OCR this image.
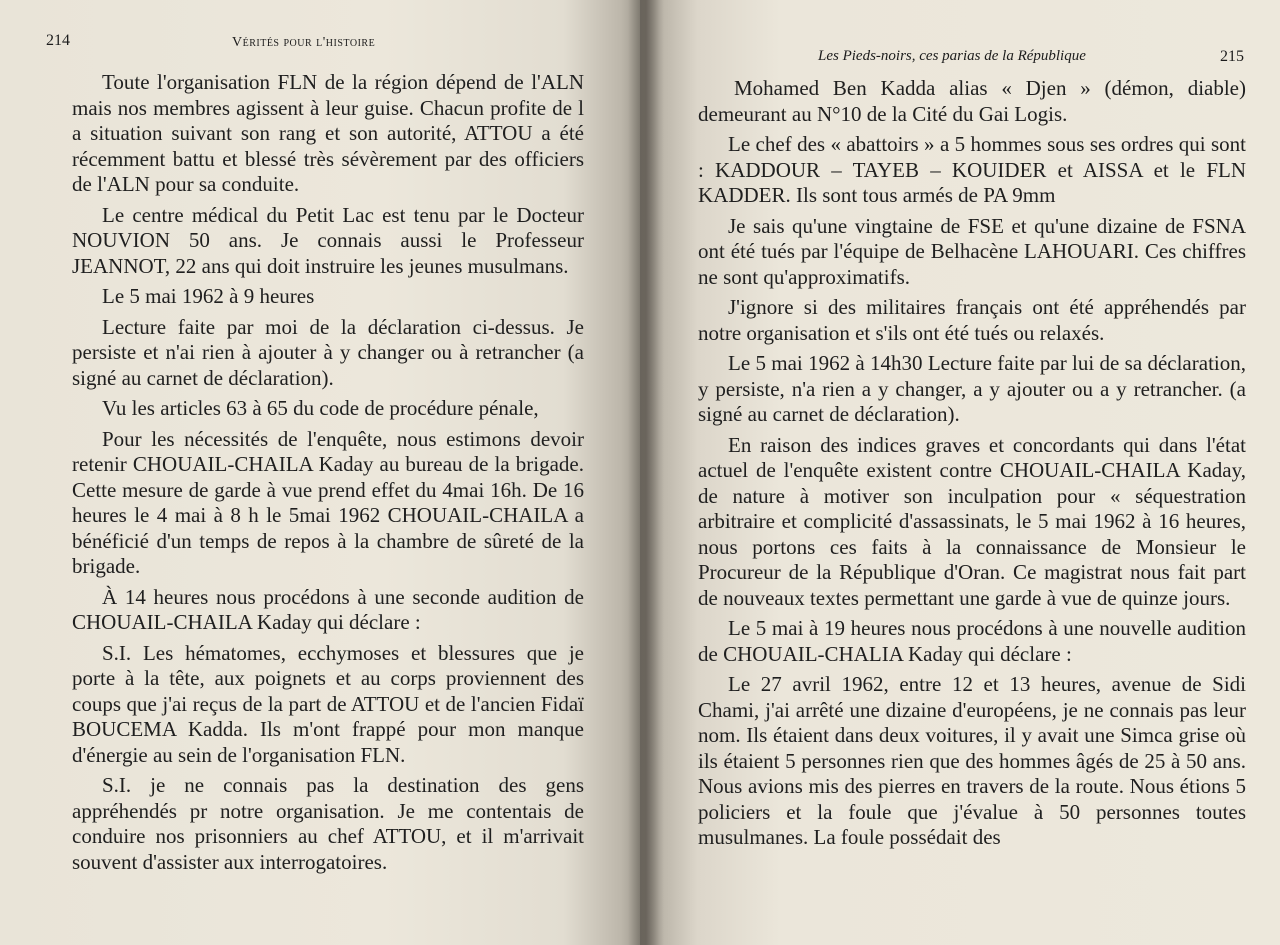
214	Vérités pour l'histoire

Toute l'organisation FLN de la région dépend de l'ALN mais nos membres agissent à leur guise. Chacun profite de l a situation suivant son rang et son autorité, ATTOU a été récemment battu et blessé très sévèrement par des officiers de l'ALN pour sa conduite.

Le centre médical du Petit Lac est tenu par le Docteur NOUVION 50 ans. Je connais aussi le Professeur JEANNOT, 22 ans qui doit instruire les jeunes musulmans.

Le 5 mai 1962 à 9 heures

Lecture faite par moi de la déclaration ci-dessus. Je persiste et n'ai rien à ajouter à y changer ou à retrancher (a signé au carnet de déclaration).

Vu les articles 63 à 65 du code de procédure pénale,

Pour les nécessités de l'enquête, nous estimons devoir retenir CHOUAIL-CHAILA Kaday au bureau de la brigade. Cette mesure de garde à vue prend effet du 4mai 16h. De 16 heures le 4 mai à 8 h le 5mai 1962 CHOUAIL-CHAILA a bénéficié d'un temps de repos à la chambre de sûreté de la brigade.

À 14 heures nous procédons à une seconde audition de CHOUAIL-CHAILA Kaday qui déclare :

S.I. Les hématomes, ecchymoses et blessures que je porte à la tête, aux poignets et au corps proviennent des coups que j'ai reçus de la part de ATTOU et de l'ancien Fidaï BOUCEMA Kadda. Ils m'ont frappé pour mon manque d'énergie au sein de l'organisation FLN.

S.I. je ne connais pas la destination des gens appréhendés pr notre organisation. Je me contentais de conduire nos prisonniers au chef ATTOU, et il m'arrivait souvent d'assister aux interrogatoires.

Les Pieds-noirs, ces parias de la République	215

Mohamed Ben Kadda alias « Djen » (démon, diable) demeurant au N°10 de la Cité du Gai Logis.

Le chef des « abattoirs » a 5 hommes sous ses ordres qui sont : KADDOUR – TAYEB – KOUIDER et AISSA et le FLN KADDER. Ils sont tous armés de PA 9mm

Je sais qu'une vingtaine de FSE et qu'une dizaine de FSNA ont été tués par l'équipe de Belhacène LAHOUARI. Ces chiffres ne sont qu'approximatifs.

J'ignore si des militaires français ont été appréhendés par notre organisation et s'ils ont été tués ou relaxés.

Le 5 mai 1962 à 14h30 Lecture faite par lui de sa déclaration, y persiste, n'a rien a y changer, a y ajouter ou a y retrancher. (a signé au carnet de déclaration).

En raison des indices graves et concordants qui dans l'état actuel de l'enquête existent contre CHOUAIL-CHAILA Kaday, de nature à motiver son inculpation pour « séquestration arbitraire et complicité d'assassinats, le 5 mai 1962 à 16 heures, nous portons ces faits à la connaissance de Monsieur le Procureur de la République d'Oran. Ce magistrat nous fait part de nouveaux textes permettant une garde à vue de quinze jours.

Le 5 mai à 19 heures nous procédons à une nouvelle audition de CHOUAIL-CHALIA Kaday qui déclare :

Le 27 avril 1962, entre 12 et 13 heures, avenue de Sidi Chami, j'ai arrêté une dizaine d'européens, je ne connais pas leur nom. Ils étaient dans deux voitures, il y avait une Simca grise où ils étaient 5 personnes rien que des hommes âgés de 25 à 50 ans. Nous avions mis des pierres en travers de la route. Nous étions 5 policiers et la foule que j'évalue à 50 personnes toutes musulmanes. La foule possédait des
